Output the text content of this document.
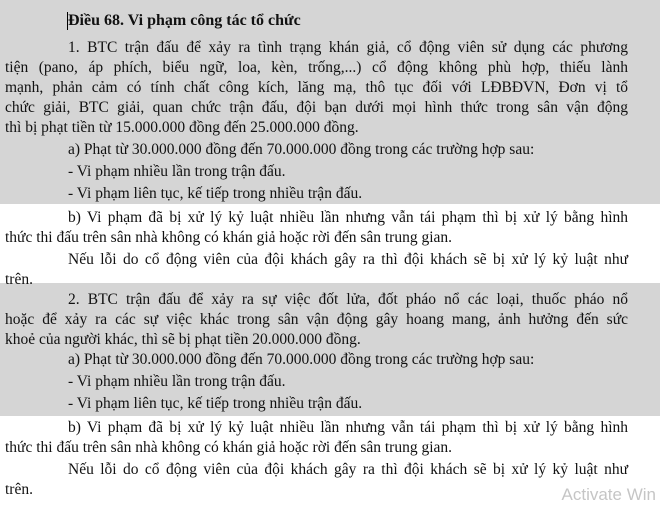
Điều 68. Vi phạm công tác tổ chức
1. BTC trận đấu để xảy ra tình trạng khán giả, cổ động viên sử dụng các phương
tiện (pano, áp phích, biểu ngữ, loa, kèn, trống,...) cổ động không phù hợp, thiếu lành
mạnh, phản cảm có tính chất công kích, lăng mạ, thô tục đối với LĐBĐVN, Đơn vị tổ
chức giải, BTC giải, quan chức trận đấu, đội bạn dưới mọi hình thức trong sân vận động
thì bị phạt tiền từ 15.000.000 đồng đến 25.000.000 đồng.
a) Phạt từ 30.000.000 đồng đến 70.000.000 đồng trong các trường hợp sau:
- Vi phạm nhiều lần trong trận đấu.
- Vi phạm liên tục, kế tiếp trong nhiều trận đấu.
b) Vi phạm đã bị xử lý kỷ luật nhiều lần nhưng vẫn tái phạm thì bị xử lý bằng hình
thức thi đấu trên sân nhà không có khán giả hoặc rời đến sân trung gian.
Nếu lỗi do cổ động viên của đội khách gây ra thì đội khách sẽ bị xử lý kỷ luật như
trên.
2. BTC trận đấu để xảy ra sự việc đốt lửa, đốt pháo nổ các loại, thuốc pháo nổ
hoặc để xảy ra các sự việc khác trong sân vận động gây hoang mang, ảnh hưởng đến sức
khoẻ của người khác, thì sẽ bị phạt tiền 20.000.000 đồng.
a) Phạt từ 30.000.000 đồng đến 70.000.000 đồng trong các trường hợp sau:
- Vi phạm nhiều lần trong trận đấu.
- Vi phạm liên tục, kế tiếp trong nhiều trận đấu.
b) Vi phạm đã bị xử lý kỷ luật nhiều lần nhưng vẫn tái phạm thì bị xử lý bằng hình
thức thi đấu trên sân nhà không có khán giả hoặc rời đến sân trung gian.
Nếu lỗi do cổ động viên của đội khách gây ra thì đội khách sẽ bị xử lý kỷ luật như
trên.	Activate Win
